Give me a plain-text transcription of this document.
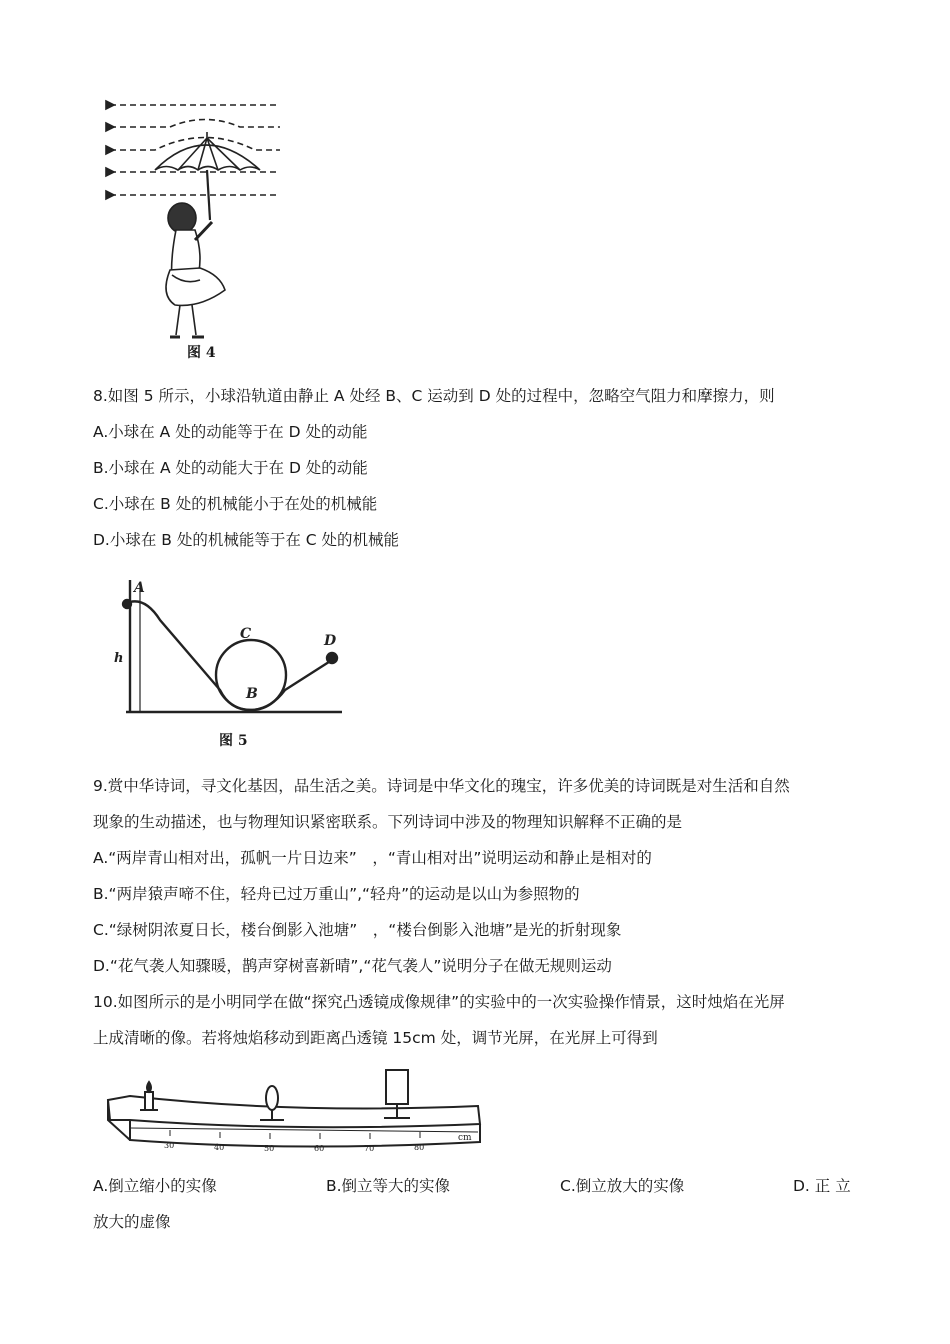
图 4
8.如图 5 所示，小球沿轨道由静止 A 处经 B、C 运动到 D 处的过程中，忽略空气阻力和摩擦力，则
A.小球在 A 处的动能等于在 D 处的动能
B.小球在 A 处的动能大于在 D 处的动能
C.小球在 B 处的机械能小于在处的机械能
D.小球在 B 处的机械能等于在 C 处的机械能
A
h
C
B
D
图 5
9.赏中华诗词，寻文化基因，品生活之美。诗词是中华文化的瑰宝，许多优美的诗词既是对生活和自然
现象的生动描述，也与物理知识紧密联系。下列诗词中涉及的物理知识解释不正确的是
A.“两岸青山相对出，孤帆一片日边来”　，“青山相对出”说明运动和静止是相对的
B.“两岸猿声啼不住，轻舟已过万重山”,“轻舟”的运动是以山为参照物的
C.“绿树阴浓夏日长，楼台倒影入池塘”　，“楼台倒影入池塘”是光的折射现象
D.“花气袭人知骤暖，鹊声穿树喜新晴”,“花气袭人”说明分子在做无规则运动
10.如图所示的是小明同学在做“探究凸透镜成像规律”的实验中的一次实验操作情景，这时烛焰在光屏
上成清晰的像。若将烛焰移动到距离凸透镜 15cm 处，调节光屏，在光屏上可得到
30	40	50	60	70	80
cm
A.倒立缩小的实像	B.倒立等大的实像	C.倒立放大的实像	D. 正 立
放大的虚像
